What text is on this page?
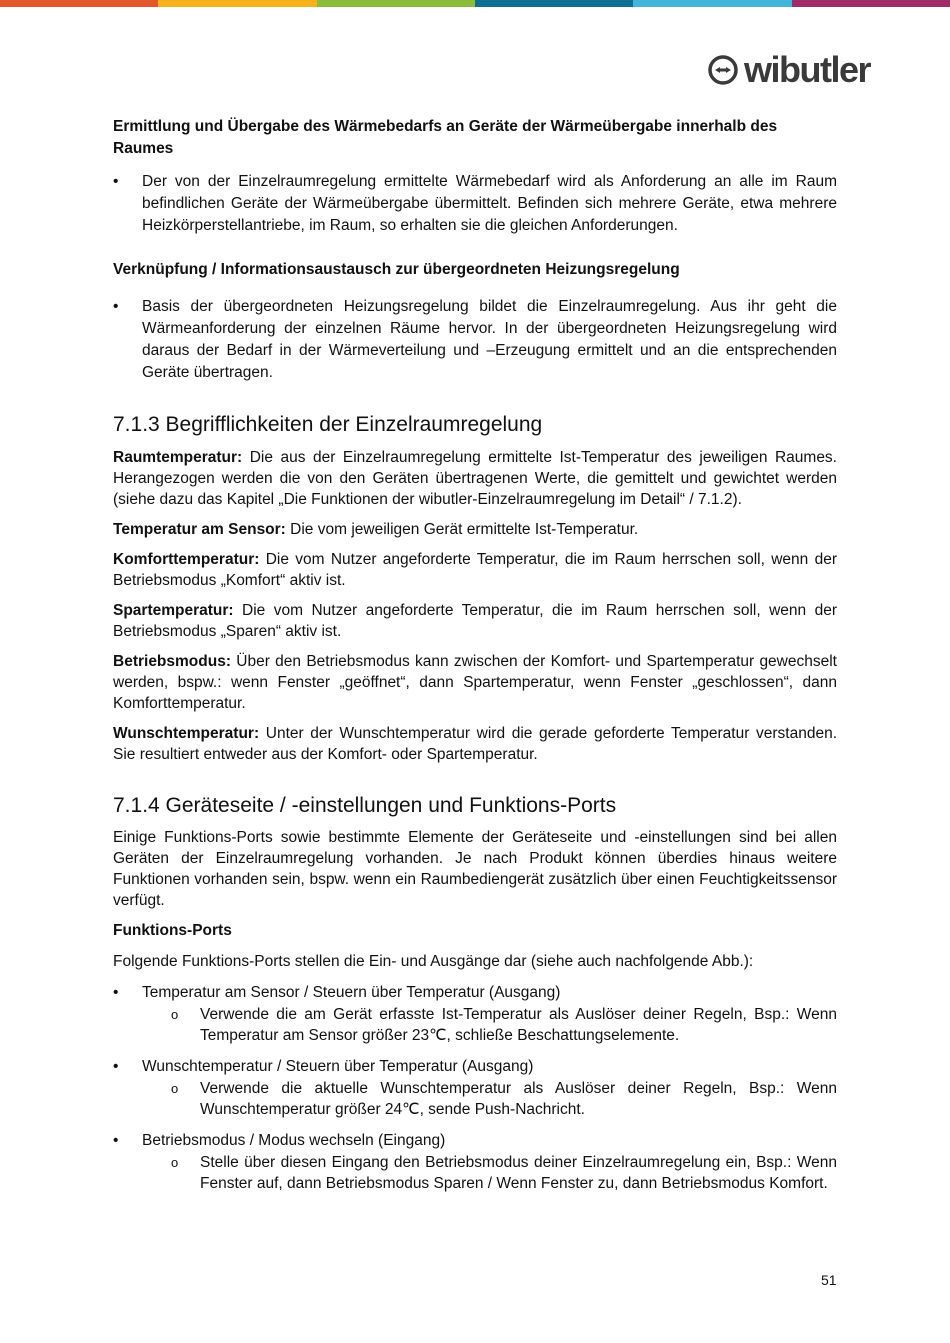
wibutler
Ermittlung und Übergabe des Wärmebedarfs an Geräte der Wärmeübergabe innerhalb des Raumes
• Der von der Einzelraumregelung ermittelte Wärmebedarf wird als Anforderung an alle im Raum befindlichen Geräte der Wärmeübergabe übermittelt. Befinden sich mehrere Geräte, etwa mehrere Heizkörperstellantriebe, im Raum, so erhalten sie die gleichen Anforderungen.
Verknüpfung / Informationsaustausch zur übergeordneten Heizungsregelung
• Basis der übergeordneten Heizungsregelung bildet die Einzelraumregelung. Aus ihr geht die Wärmeanforderung der einzelnen Räume hervor. In der übergeordneten Heizungsregelung wird daraus der Bedarf in der Wärmeverteilung und –Erzeugung ermittelt und an die entsprechenden Geräte übertragen.
7.1.3 Begrifflichkeiten der Einzelraumregelung

Raumtemperatur: Die aus der Einzelraumregelung ermittelte Ist-Temperatur des jeweiligen Raumes. Herangezogen werden die von den Geräten übertragenen Werte, die gemittelt und gewichtet werden (siehe dazu das Kapitel „Die Funktionen der wibutler-Einzelraumregelung im Detail“ / 7.1.2).

Temperatur am Sensor: Die vom jeweiligen Gerät ermittelte Ist-Temperatur.

Komforttemperatur: Die vom Nutzer angeforderte Temperatur, die im Raum herrschen soll, wenn der Betriebsmodus „Komfort“ aktiv ist.

Spartemperatur: Die vom Nutzer angeforderte Temperatur, die im Raum herrschen soll, wenn der Betriebsmodus „Sparen“ aktiv ist.

Betriebsmodus: Über den Betriebsmodus kann zwischen der Komfort- und Spartemperatur gewechselt werden, bspw.: wenn Fenster „geöffnet“, dann Spartemperatur, wenn Fenster „geschlossen“, dann Komforttemperatur.

Wunschtemperatur: Unter der Wunschtemperatur wird die gerade geforderte Temperatur verstanden. Sie resultiert entweder aus der Komfort- oder Spartemperatur.

7.1.4 Geräteseite / -einstellungen und Funktions-Ports

Einige Funktions-Ports sowie bestimmte Elemente der Geräteseite und -einstellungen sind bei allen Geräten der Einzelraumregelung vorhanden. Je nach Produkt können überdies hinaus weitere Funktionen vorhanden sein, bspw. wenn ein Raumbediengerät zusätzlich über einen Feuchtigkeitssensor verfügt.

Funktions-Ports

Folgende Funktions-Ports stellen die Ein- und Ausgänge dar (siehe auch nachfolgende Abb.):

• Temperatur am Sensor / Steuern über Temperatur (Ausgang)
o Verwende die am Gerät erfasste Ist-Temperatur als Auslöser deiner Regeln, Bsp.: Wenn Temperatur am Sensor größer 23℃, schließe Beschattungselemente.
• Wunschtemperatur / Steuern über Temperatur (Ausgang)
o Verwende die aktuelle Wunschtemperatur als Auslöser deiner Regeln, Bsp.: Wenn Wunschtemperatur größer 24℃, sende Push-Nachricht.
• Betriebsmodus / Modus wechseln (Eingang)
o Stelle über diesen Eingang den Betriebsmodus deiner Einzelraumregelung ein, Bsp.: Wenn Fenster auf, dann Betriebsmodus Sparen / Wenn Fenster zu, dann Betriebsmodus Komfort.
51
